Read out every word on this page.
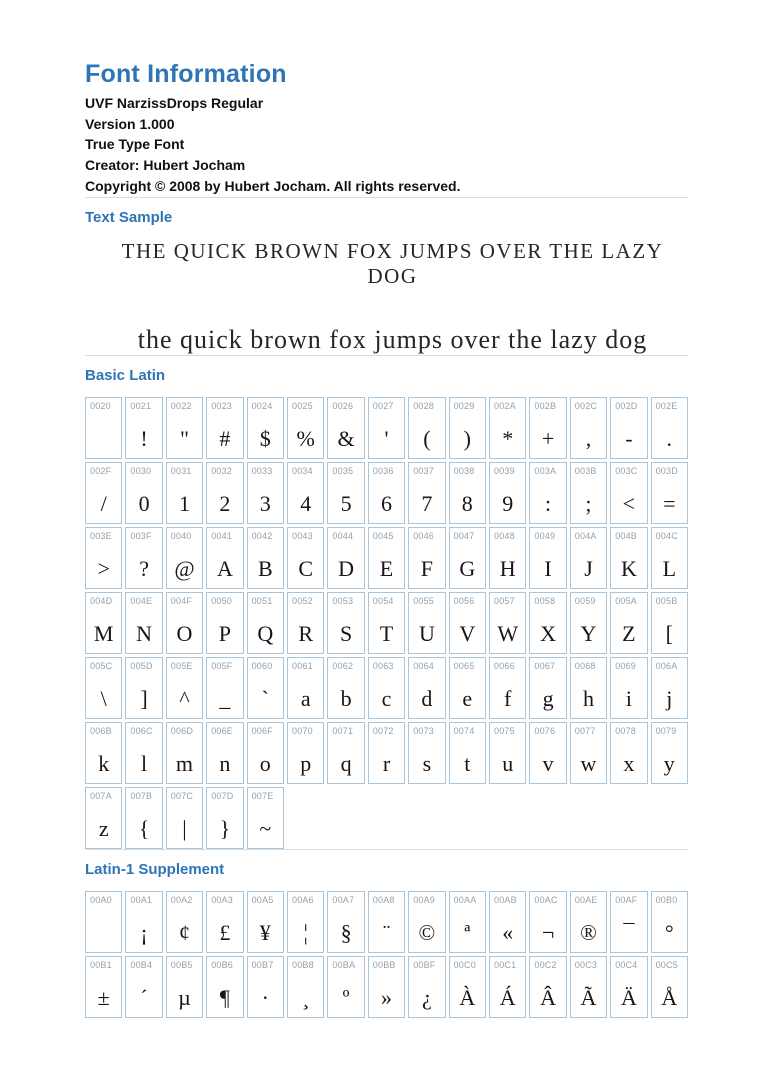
Font Information
UVF NarzissDrops Regular
Version 1.000
True Type Font
Creator: Hubert Jocham
Copyright © 2008 by Hubert Jocham. All rights reserved.
Text Sample
THE QUICK BROWN FOX JUMPS OVER THE LAZY DOG
the quick brown fox jumps over the lazy dog
Basic Latin
0020 0021
!
0022
"
0023
#
0024
$
0025
%
0026
&
0027
'
0028
(
0029
)
002A
*
002B
+
002C
,
002D
-
002E
.
002F
/
0030
0
0031
1
0032
2
0033
3
0034
4
0035
5
0036
6
0037
7
0038
8
0039
9
003A
:
003B
;
003C
<
003D
=
003E
>
003F
?
0040
@
0041
A
0042
B
0043
C
0044
D
0045
E
0046
F
0047
G
0048
H
0049
I
004A
J
004B
K
004C
L
004D
M
004E
N
004F
O
0050
P
0051
Q
0052
R
0053
S
0054
T
0055
U
0056
V
0057
W
0058
X
0059
Y
005A
Z
005B
[
005C
\
005D
]
005E
^
005F
_
0060
`
0061
a
0062
b
0063
c
0064
d
0065
e
0066
f
0067
g
0068
h
0069
i
006A
j
006B
k
006C
l
006D
m
006E
n
006F
o
0070
p
0071
q
0072
r
0073
s
0074
t
0075
u
0076
v
0077
w
0078
x
0079
y
007A
z
007B
{
007C
|
007D
}
007E
~
Latin-1 Supplement
00A0 00A1
¡
00A2
¢
00A3
£
00A5
¥
00A6
¦
00A7
§
00A8
¨
00A9
©
00AA
ª
00AB
«
00AC
¬
00AE
®
00AF
¯
00B0
°
00B1
±
00B4
´
00B5
µ
00B6
¶
00B7
·
00B8
¸
00BA
º
00BB
»
00BF
¿
00C0
À
00C1
Á
00C2
Â
00C3
Ã
00C4
Ä
00C5
Å
